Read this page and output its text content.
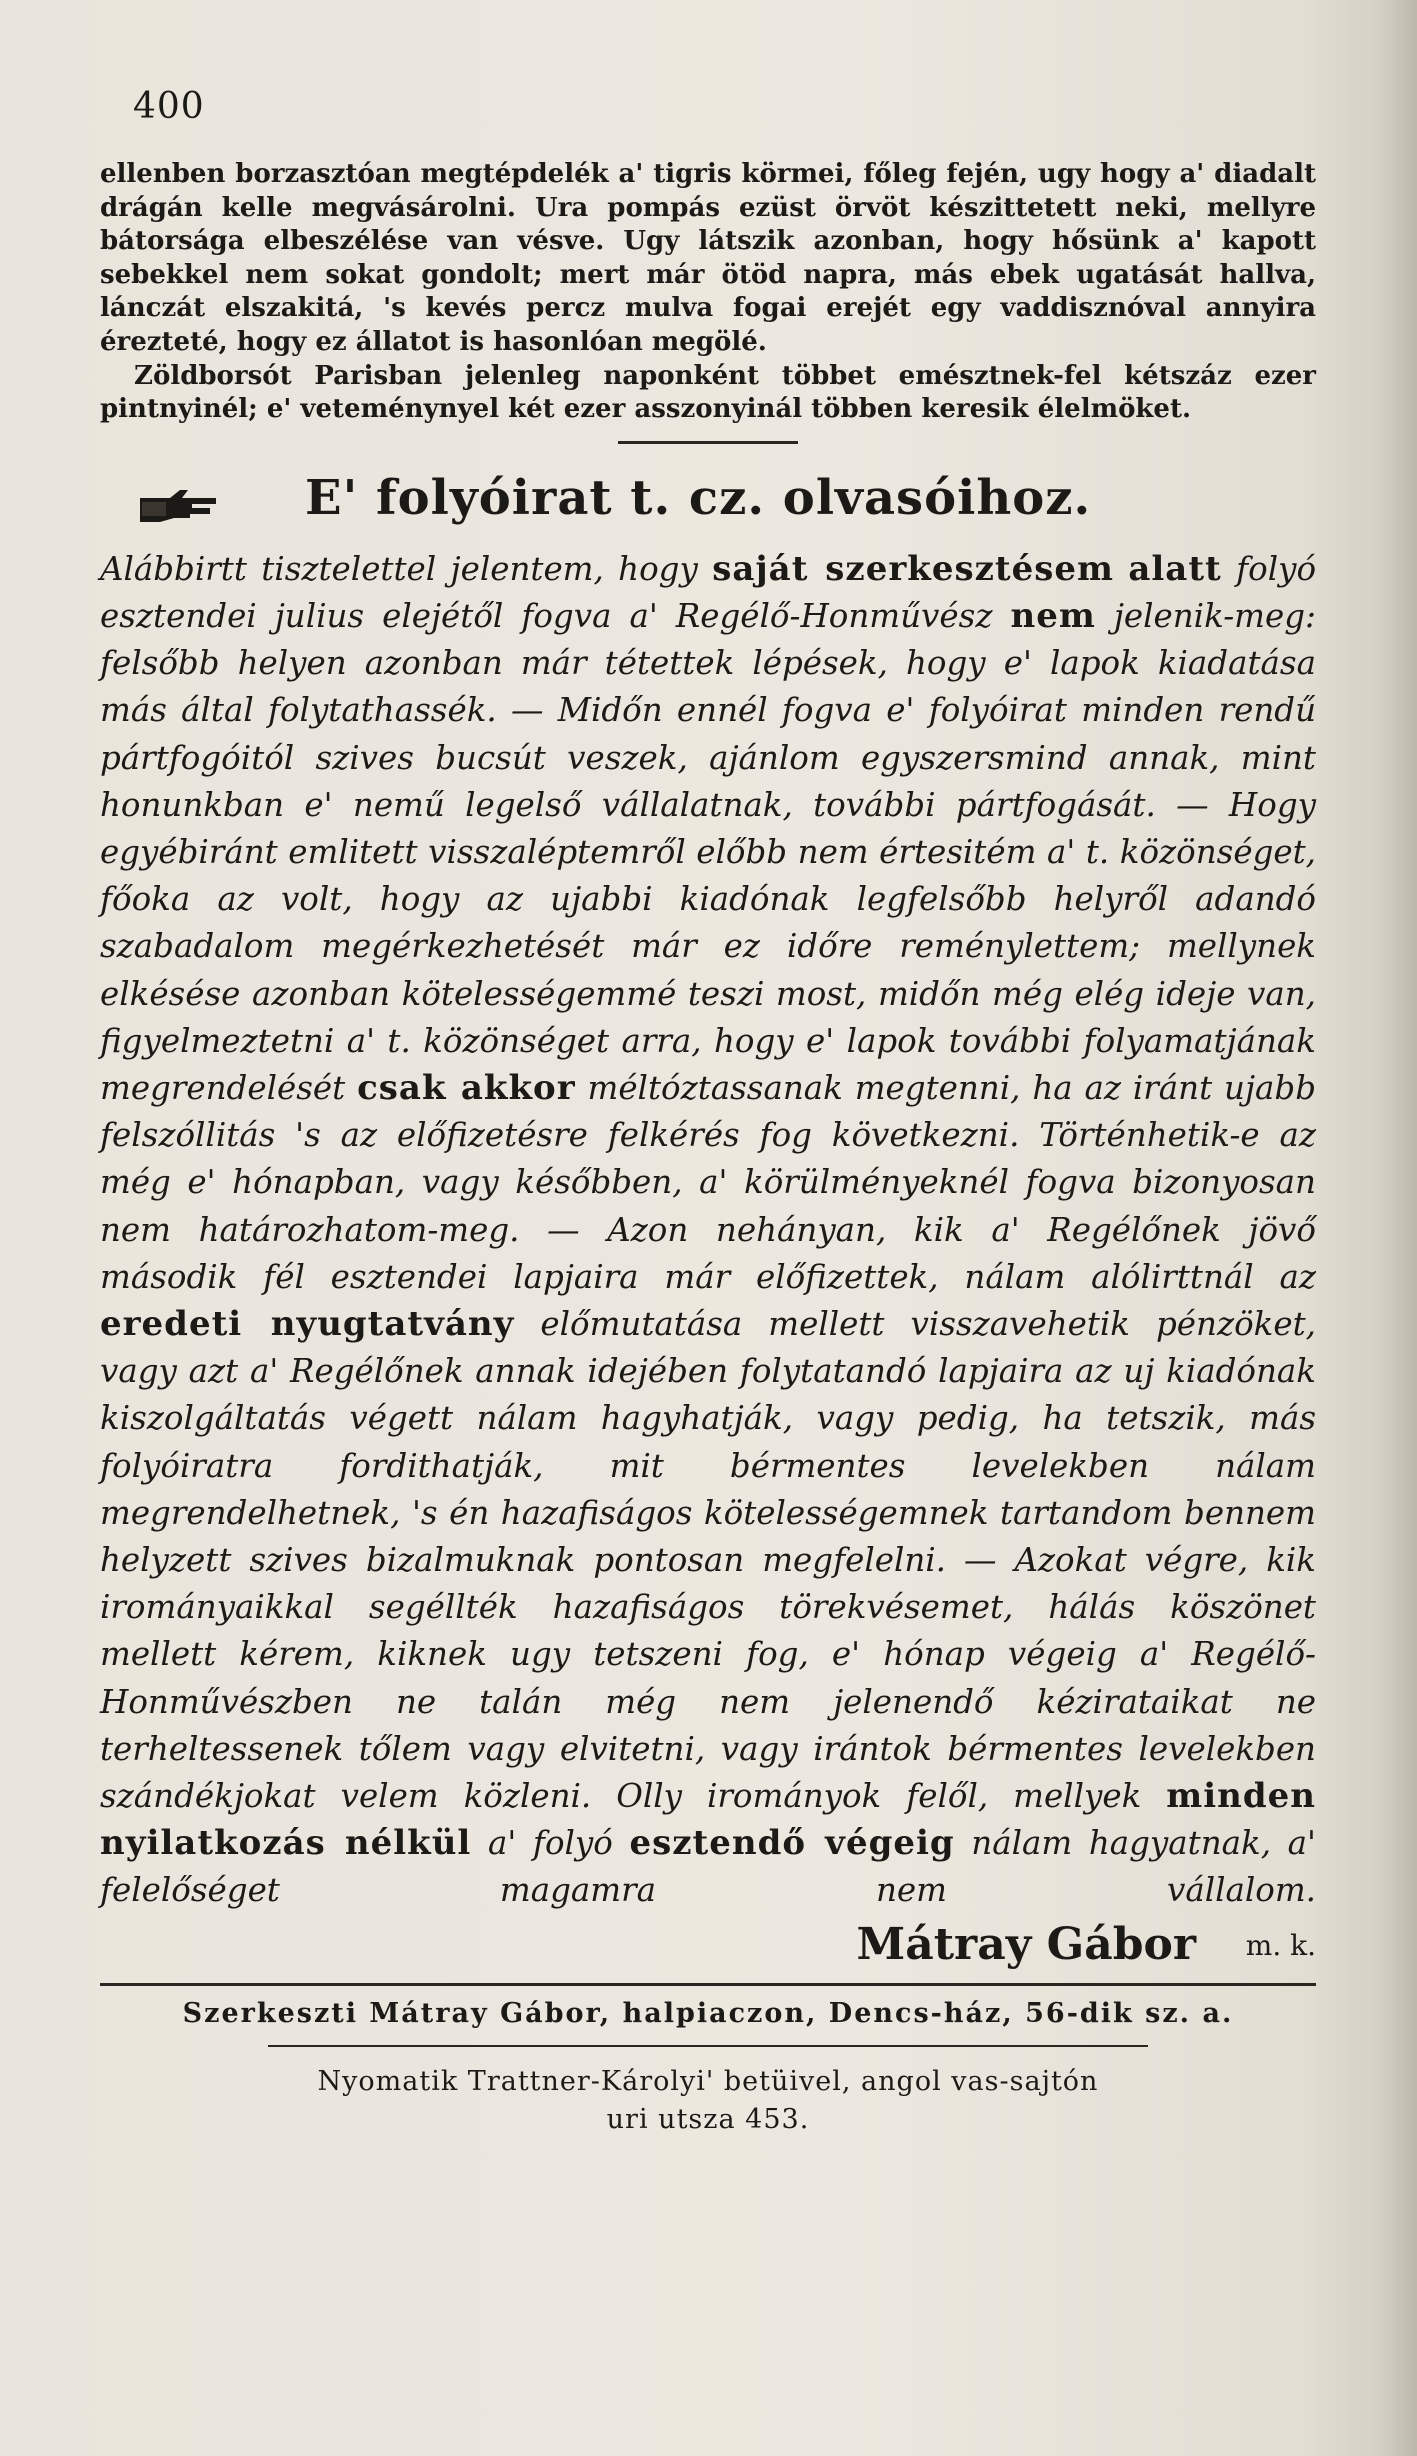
400

ellenben borzasztóan megtépdelék a' tigris körmei, főleg fején, ugy hogy a' diadalt drágán kelle megvásárolni. Ura pompás ezüst örvöt készittetett neki, mellyre bátorsága elbeszélése van vésve. Ugy látszik azonban, hogy hősünk a' kapott sebekkel nem sokat gondolt; mert már ötöd napra, más ebek ugatását hallva, lánczát elszakitá, 's kevés percz mulva fogai erejét egy vaddisznóval annyira érezteté, hogy ez állatot is hasonlóan megölé.

Zöldborsót Parisban jelenleg naponként többet emésztnek-fel kétszáz ezer pintnyinél; e' veteménynyel két ezer asszonyinál többen keresik élelmöket.

E' folyóirat t. cz. olvasóihoz.

Alábbirtt tisztelettel jelentem, hogy saját szerkesztésem alatt folyó esztendei julius elejétől fogva a' Regélő-Honművész nem jelenik-meg: felsőbb helyen azonban már tétettek lépések, hogy e' lapok kiadatása más által folytathassék. — Midőn ennél fogva e' folyóirat minden rendű pártfogóitól szives bucsút veszek, ajánlom egyszersmind annak, mint honunkban e' nemű legelső vállalatnak, további pártfogását. — Hogy egyébiránt emlitett visszaléptemről előbb nem értesitém a' t. közönséget, főoka az volt, hogy az ujabbi kiadónak legfelsőbb helyről adandó szabadalom megérkezhetését már ez időre reménylettem; mellynek elkésése azonban kötelességemmé teszi most, midőn még elég ideje van, figyelmeztetni a' t. közönséget arra, hogy e' lapok további folyamatjának megrendelését csak akkor méltóztassanak megtenni, ha az iránt ujabb felszóllitás 's az előfizetésre felkérés fog következni. Történhetik-e az még e' hónapban, vagy későbben, a' körülményeknél fogva bizonyosan nem határozhatom-meg. — Azon nehányan, kik a' Regélőnek jövő második fél esztendei lapjaira már előfizettek, nálam alólirttnál az eredeti nyugtatvány előmutatása mellett visszavehetik pénzöket, vagy azt a' Regélőnek annak idejében folytatandó lapjaira az uj kiadónak kiszolgáltatás végett nálam hagyhatják, vagy pedig, ha tetszik, más folyóiratra fordithatják, mit bérmentes levelekben nálam megrendelhetnek, 's én hazafiságos kötelességemnek tartandom bennem helyzett szives bizalmuknak pontosan megfelelni. — Azokat végre, kik irományaikkal segéllték hazafiságos törekvésemet, hálás köszönet mellett kérem, kiknek ugy tetszeni fog, e' hónap végeig a' Regélő-Honművészben ne talán még nem jelenendő kézirataikat ne terheltessenek tőlem vagy elvitetni, vagy irántok bérmentes levelekben szándékjokat velem közleni. Olly irományok felől, mellyek minden nyilatkozás nélkül a' folyó esztendő végeig nálam hagyatnak, a' felelőséget magamra nem vállalom.

Mátray Gábor m. k.
Szerkeszti Mátray Gábor, halpiaczon, Dencs-ház, 56-dik sz. a.
Nyomatik Trattner-Károlyi' betüivel, angol vas-sajtón
uri utsza 453.
